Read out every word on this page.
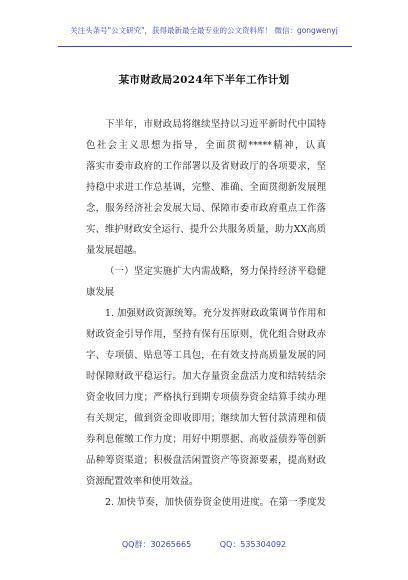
关注头条号"公文研究"，获得最新最全最专业的公文资料库！ 微信：gongwenyj
某市财政局2024年下半年工作计划

下半年，市财政局将继续坚持以习近平新时代中国特
色社会主义思想为指导，全面贯彻*****精神，认真
落实市委市政府的工作部署以及省财政厅的各项要求，坚
持稳中求进工作总基调，完整、准确、全面贯彻新发展理
念，服务经济社会发展大局、保障市委市政府重点工作落
实、维护财政安全运行、提升公共服务质量，助力XX高质
量发展超越。

（一）坚定实施扩大内需战略，努力保持经济平稳健
康发展

1. 加强财政资源统筹。充分发挥财政政策调节作用和
财政资金引导作用，坚持有保有压原则，优化组合财政赤
字、专项债、贴息等工具包，在有效支持高质量发展的同
时保障财政平稳运行。加大存量资金盘活力度和结转结余
资金收回力度；严格执行到期专项债券资金结算手续办理
有关规定，做到资金即收即用；继续加大暂付款清理和债
券利息催缴工作力度；用好中期票据、高收益债券等创新
品种筹资渠道；积极盘活闲置资产等资源要素，提高财政
资源配置效率和使用效益。

2. 加快节奏，加快债券资金使用进度。在第一季度发

QQ群：30265665	QQ：535304092
